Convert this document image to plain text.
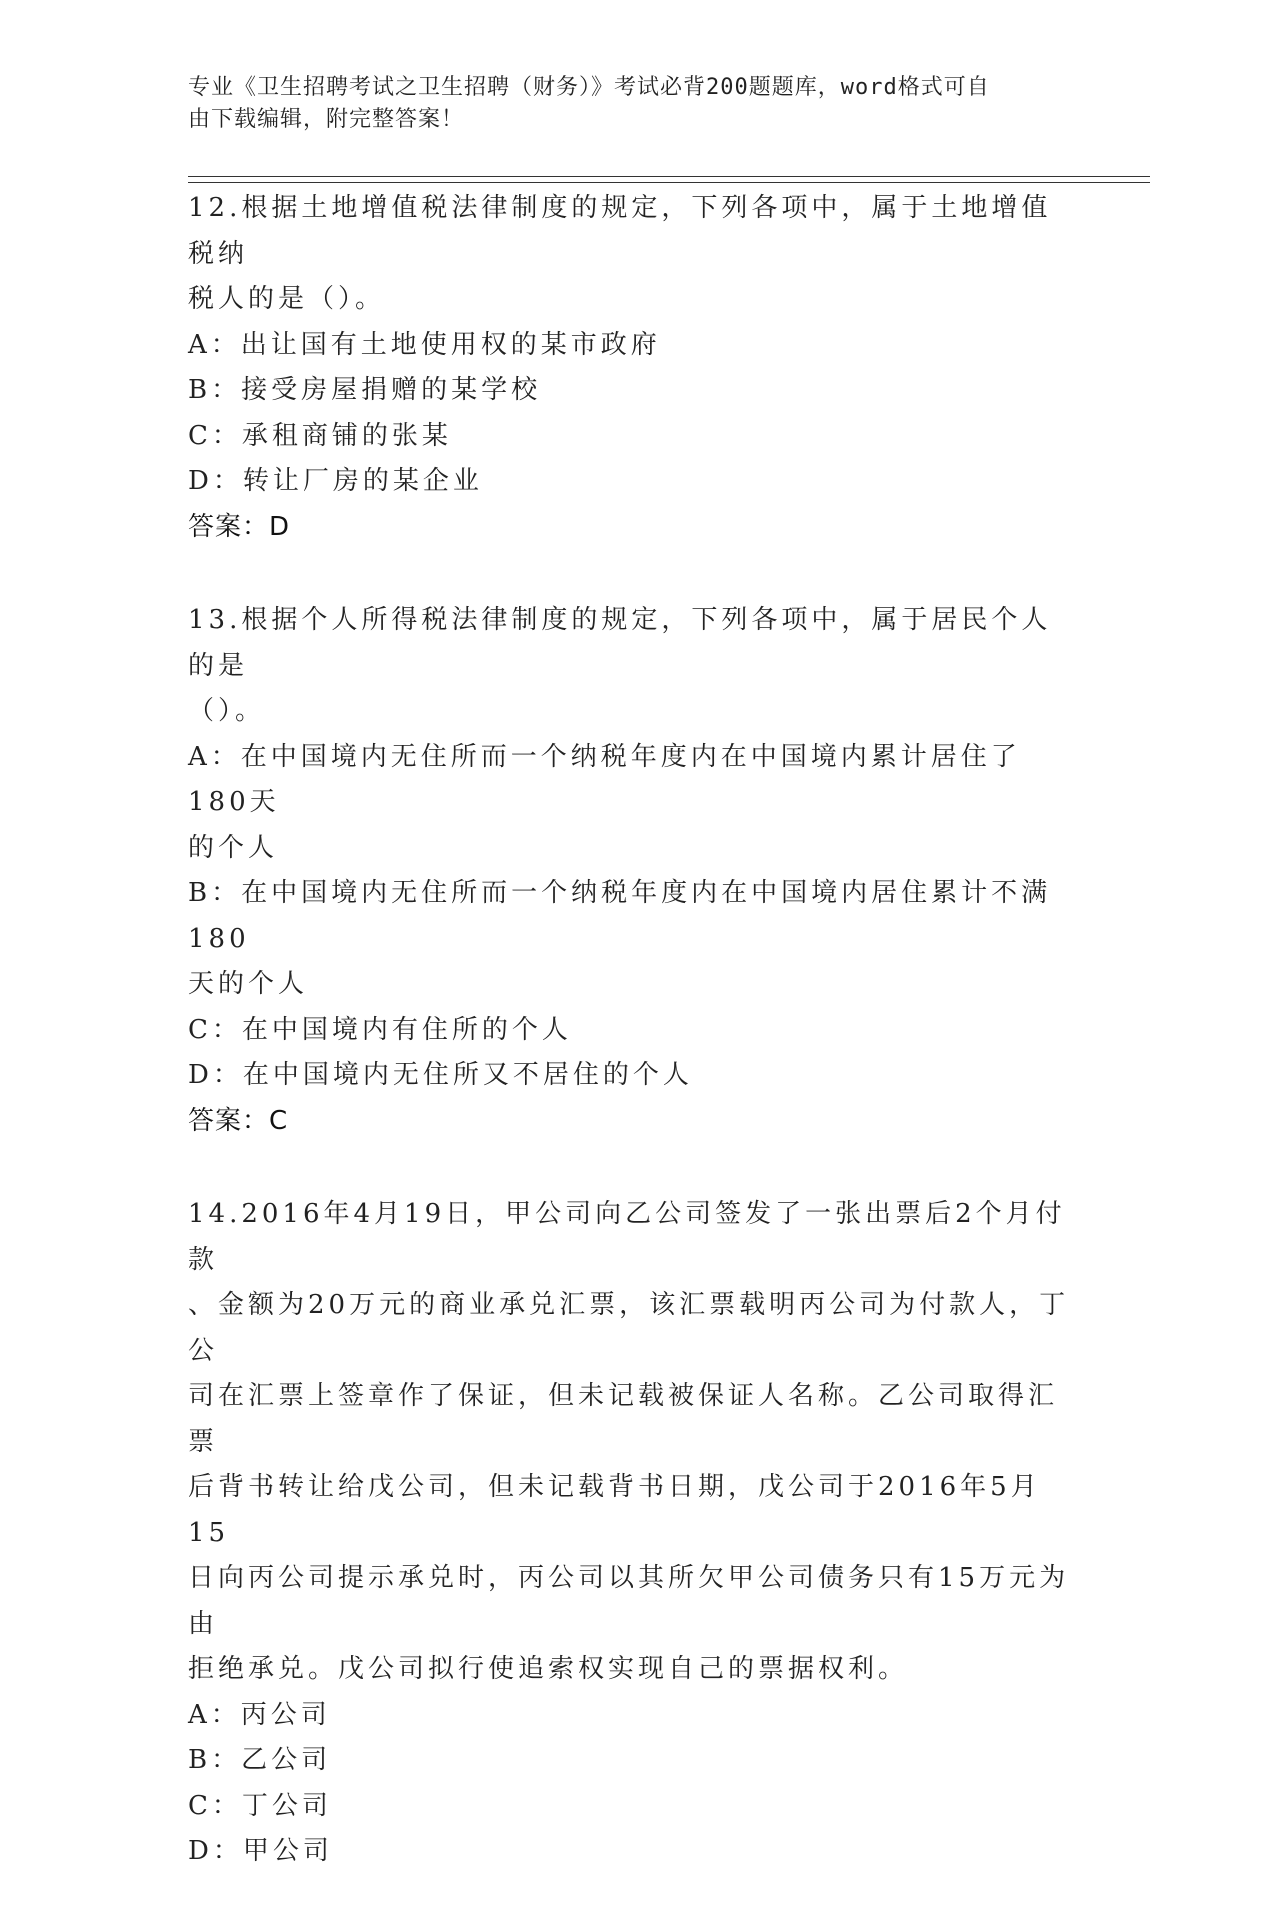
专业《卫生招聘考试之卫生招聘（财务）》考试必背200题题库，word格式可自
由下载编辑，附完整答案！

12.根据土地增值税法律制度的规定，下列各项中，属于土地增值税纳

税人的是（）。

A：出让国有土地使用权的某市政府

B：接受房屋捐赠的某学校

C：承租商铺的张某

D：转让厂房的某企业

答案：D

13.根据个人所得税法律制度的规定，下列各项中，属于居民个人的是

（）。

A：在中国境内无住所而一个纳税年度内在中国境内累计居住了180天

的个人

B：在中国境内无住所而一个纳税年度内在中国境内居住累计不满180

天的个人

C：在中国境内有住所的个人

D：在中国境内无住所又不居住的个人

答案：C

14.2016年4月19日，甲公司向乙公司签发了一张出票后2个月付款

、金额为20万元的商业承兑汇票，该汇票载明丙公司为付款人，丁公

司在汇票上签章作了保证，但未记载被保证人名称。乙公司取得汇票

后背书转让给戊公司，但未记载背书日期，戊公司于2016年5月15

日向丙公司提示承兑时，丙公司以其所欠甲公司债务只有15万元为由

拒绝承兑。戊公司拟行使追索权实现自己的票据权利。

A：丙公司

B：乙公司

C：丁公司

D：甲公司
